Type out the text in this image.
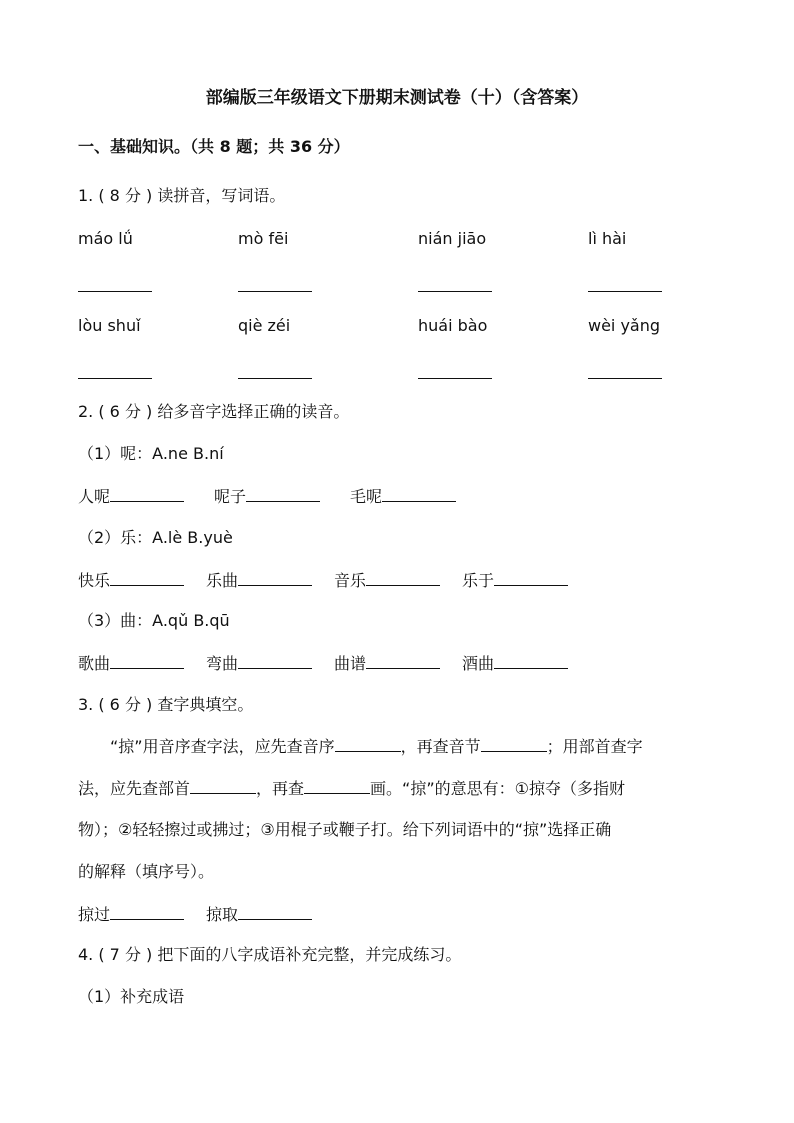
部编版三年级语文下册期末测试卷（十）（含答案）
一、基础知识。（共 8 题；共 36 分）
1. ( 8 分 ) 读拼音，写词语。
máo lǘ	mò fēi	nián jiāo	lì hài
lòu shuǐ	qiè zéi	huái bào	wèi yǎng
2. ( 6 分 ) 给多音字选择正确的读音。
（1）呢：A.ne B.ní
人呢	呢子	毛呢
（2）乐：A.lè B.yuè
快乐	乐曲	音乐	乐于
（3）曲：A.qǔ B.qū
歌曲	弯曲	曲谱	酒曲
3. ( 6 分 ) 查字典填空。
“掠”用音序查字法，应先查音序	，再查音节	；用部首查字
法，应先查部首	，再查	画。“掠”的意思有：①掠夺（多指财
物）；②轻轻擦过或拂过；③用棍子或鞭子打。给下列词语中的“掠”选择正确
的解释（填序号）。
掠过	掠取
4. ( 7 分 ) 把下面的八字成语补充完整，并完成练习。
（1）补充成语
